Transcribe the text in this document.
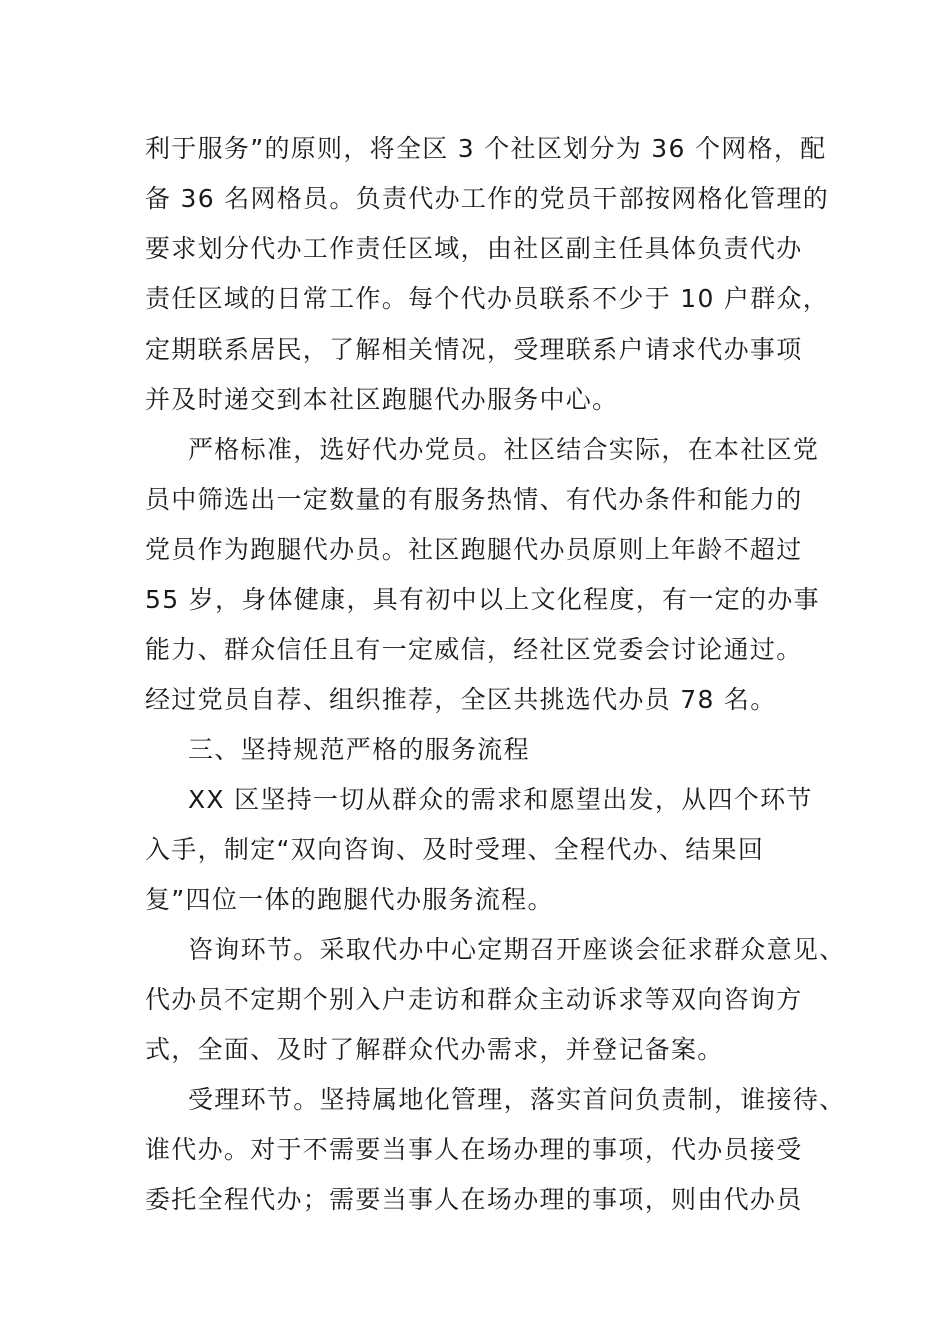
利于服务”的原则，将全区 3 个社区划分为 36 个网格，配
备 36 名网格员。负责代办工作的党员干部按网格化管理的
要求划分代办工作责任区域，由社区副主任具体负责代办
责任区域的日常工作。每个代办员联系不少于 10 户群众，
定期联系居民，了解相关情况，受理联系户请求代办事项
并及时递交到本社区跑腿代办服务中心。
严格标准，选好代办党员。社区结合实际，在本社区党
员中筛选出一定数量的有服务热情、有代办条件和能力的
党员作为跑腿代办员。社区跑腿代办员原则上年龄不超过
55 岁，身体健康，具有初中以上文化程度，有一定的办事
能力、群众信任且有一定威信，经社区党委会讨论通过。
经过党员自荐、组织推荐，全区共挑选代办员 78 名。
三、坚持规范严格的服务流程
XX 区坚持一切从群众的需求和愿望出发，从四个环节
入手，制定“双向咨询、及时受理、全程代办、结果回
复”四位一体的跑腿代办服务流程。
咨询环节。采取代办中心定期召开座谈会征求群众意见、
代办员不定期个别入户走访和群众主动诉求等双向咨询方
式，全面、及时了解群众代办需求，并登记备案。
受理环节。坚持属地化管理，落实首问负责制，谁接待、
谁代办。对于不需要当事人在场办理的事项，代办员接受
委托全程代办；需要当事人在场办理的事项，则由代办员
